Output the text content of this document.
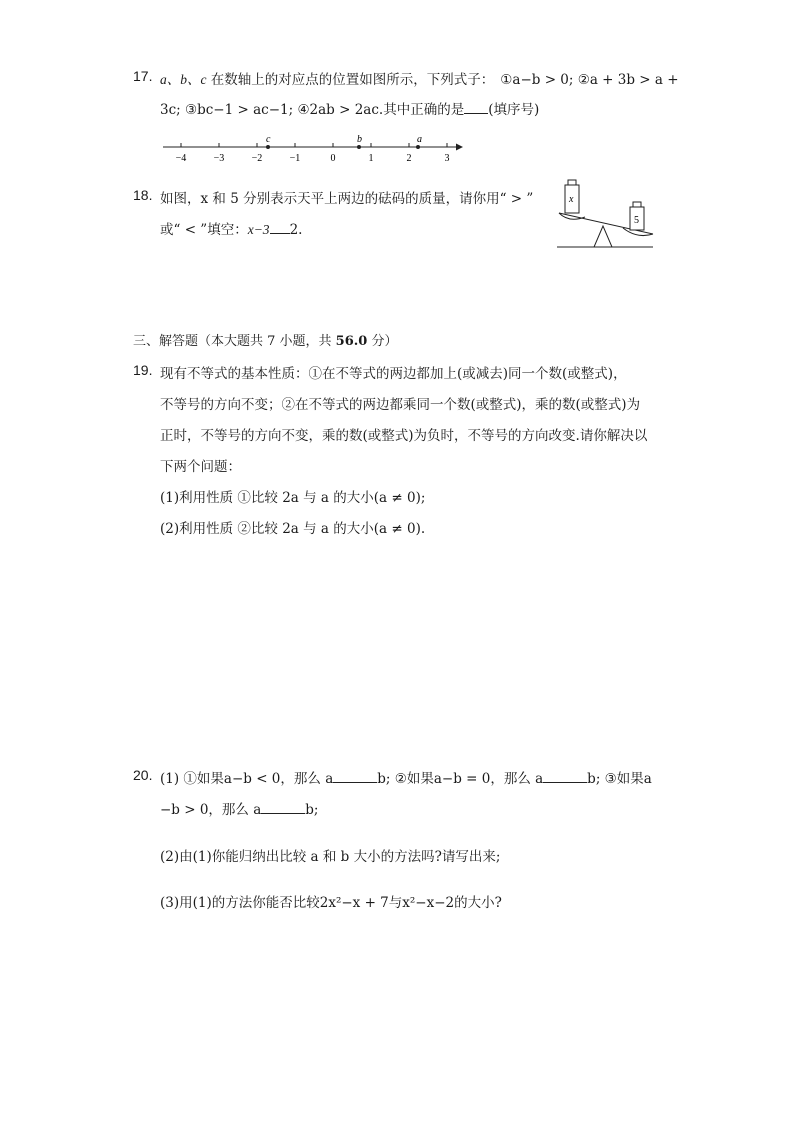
17. a、b、c 在数轴上的对应点的位置如图所示，下列式子： ①a−b > 0; ②a + 3b > a +
3c; ③bc−1 > ac−1; ④2ab > 2ac.其中正确的是 (填序号)
−4	−3	−2	−1	0	1	2	3
c	b	a
18. 如图，x 和 5 分别表示天平上两边的砝码的质量，请你用“ > ”
或“ < ”填空：x−3 2.
x
5
三、解答题（本大题共 7 小题，共 56.0 分）
19. 现有不等式的基本性质：①在不等式的两边都加上(或减去)同一个数(或整式)，
不等号的方向不变；②在不等式的两边都乘同一个数(或整式)，乘的数(或整式)为
正时，不等号的方向不变，乘的数(或整式)为负时，不等号的方向改变.请你解决以
下两个问题：
(1)利用性质 ①比较 2a 与 a 的大小(a ≠ 0);
(2)利用性质 ②比较 2a 与 a 的大小(a ≠ 0).
20. (1) ①如果a−b < 0，那么 a	b; ②如果a−b = 0，那么 a	b; ③如果a
−b > 0，那么 a	b;
(2)由(1)你能归纳出比较 a 和 b 大小的方法吗?请写出来;
(3)用(1)的方法你能否比较2x²−x + 7与x²−x−2的大小?
